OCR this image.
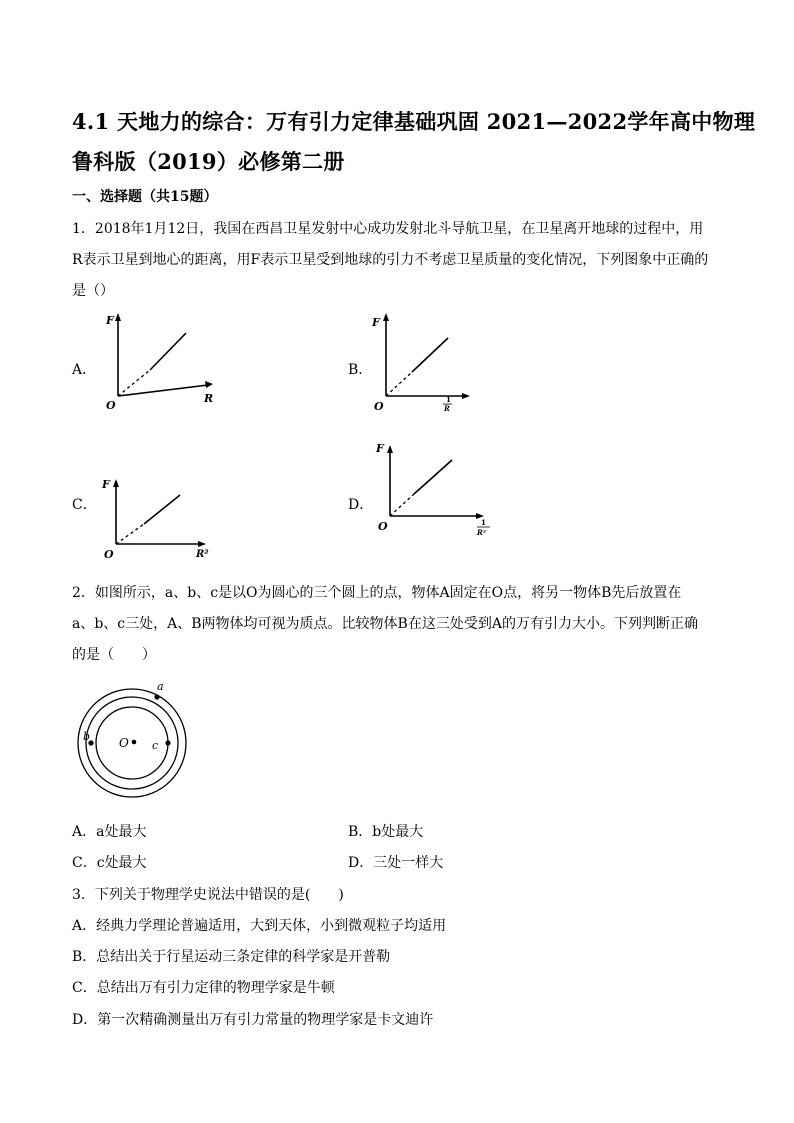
4.1 天地力的综合：万有引力定律基础巩固 2021—2022学年高中物理
鲁科版（2019）必修第二册
一、选择题（共15题）
1．2018年1月12日，我国在西昌卫星发射中心成功发射北斗导航卫星，在卫星离开地球的过程中，用
R表示卫星到地心的距离，用F表示卫星受到地球的引力不考虑卫星质量的变化情况，下列图象中正确的
是（）
A．
F
O
R
B．
F
O
1
R
C．
F
O	R²
D．
F
O	1
R²
2．如图所示，a、b、c是以O为圆心的三个圆上的点，物体A固定在O点，将另一物体B先后放置在
a、b、c三处，A、B两物体均可视为质点。比较物体B在这三处受到A的万有引力大小。下列判断正确
的是（　　）
a
b
c
O
A．a处最大	B．b处最大
C．c处最大	D．三处一样大
3．下列关于物理学史说法中错误的是(　　)
A．经典力学理论普遍适用，大到天体，小到微观粒子均适用
B．总结出关于行星运动三条定律的科学家是开普勒
C．总结出万有引力定律的物理学家是牛顿
D．第一次精确测量出万有引力常量的物理学家是卡文迪许
